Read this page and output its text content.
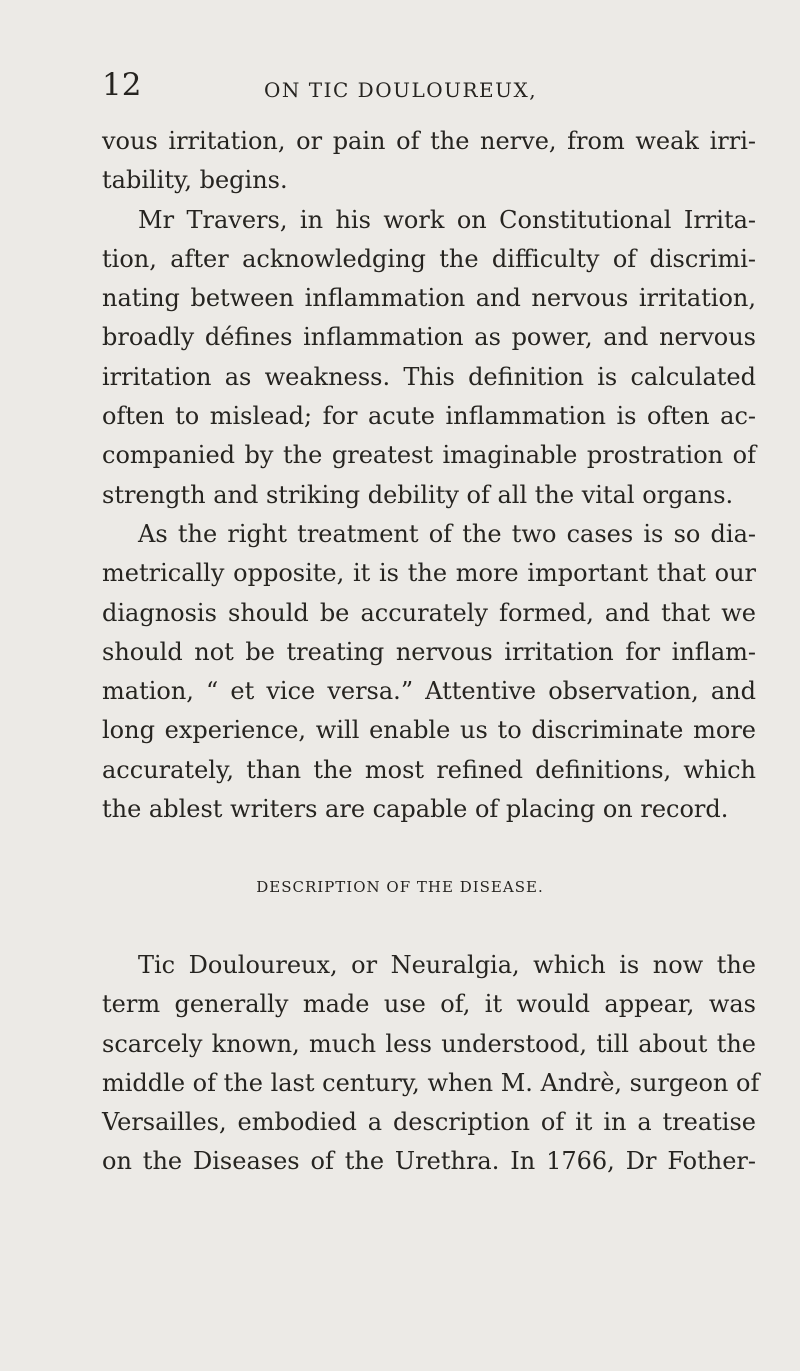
12	ON TIC DOULOUREUX,
vous irritation, or pain of the nerve, from weak irri-
tability, begins.
Mr Travers, in his work on Constitutional Irrita-
tion, after acknowledging the difficulty of discrimi-
nating between inflammation and nervous irritation,
broadly défines inflammation as power, and nervous
irritation as weakness. This definition is calculated
often to mislead; for acute inflammation is often ac-
companied by the greatest imaginable prostration of
strength and striking debility of all the vital organs.
As the right treatment of the two cases is so dia-
metrically opposite, it is the more important that our
diagnosis should be accurately formed, and that we
should not be treating nervous irritation for inflam-
mation, “ et vice versa.” Attentive observation, and
long experience, will enable us to discriminate more
accurately, than the most refined definitions, which
the ablest writers are capable of placing on record.
DESCRIPTION OF THE DISEASE.
Tic Douloureux, or Neuralgia, which is now the
term generally made use of, it would appear, was
scarcely known, much less understood, till about the
middle of the last century, when M. Andrè, surgeon of
Versailles, embodied a description of it in a treatise
on the Diseases of the Urethra. In 1766, Dr Fother-
